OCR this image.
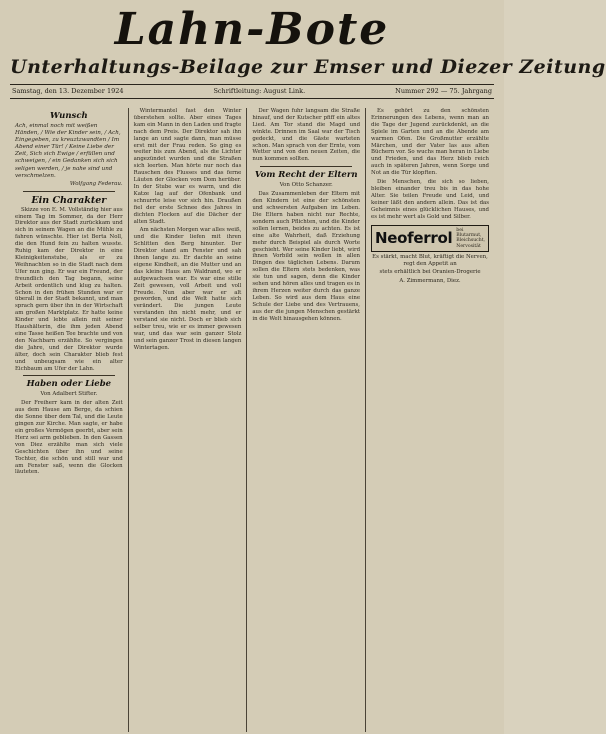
Lahn-Bote
Unterhaltungs-Beilage zur Emser und Diezer Zeitung
Samstag, den 13. Dezember 1924	Schriftleitung: August Link.	Nummer 292 — 75. Jahrgang
Wunsch
Ach, einmal noch mit weißen Händen, / Wie der Kinder sein, / Ach, Eingegeben, zu kreuztzwandten / Im Abend einer Tür! / Keine Liebe der Zeit, Sich sich Ewige / erfüllen und schweigen, / ein Gedanken sich sich seligen werden, / je nahe sind und verschmelzen.
Wolfgang Federau.
Ein Charakter

Skizze von E. M. Vollständig hier aus einem Tag im Sommer, da der Herr Direktor aus der Stadt zurückkam und sich in seinem Wagen an die Mühle zu fahren wünschte. Hier ist Berta Noll, die den Hund fein zu halten wusste. Ruhig kam der Direktor in eine Kleinigkeitenstube, als er zu Weihnachten so in die Stadt nach dem Ufer nun ging. Er war ein Freund, der freundlich den Tag begann, seine Arbeit ordentlich und klug zu halten. Schon in den frühen Stunden war er überall in der Stadt bekannt, und man sprach gern über ihn in der Wirtschaft am großen Marktplatz. Er hatte keine Kinder und lebte allein mit seiner Haushälterin, die ihm jeden Abend eine Tasse heißen Tee brachte und von den Nachbarn erzählte. So vergingen die Jahre, und der Direktor wurde älter, doch sein Charakter blieb fest und unbeugsam wie ein alter Eichbaum am Ufer der Lahn.

Haben oder Liebe
Von Adalbert Stifter.

Der Freiherr kam in der alten Zeit aus dem Hause am Berge, da schien die Sonne über dem Tal, und die Leute gingen zur Kirche. Man sagte, er habe ein großes Vermögen geerbt, aber sein Herz sei arm geblieben. In den Gassen von Diez erzählte man sich viele Geschichten über ihn und seine Tochter, die schön und still war und am Fenster saß, wenn die Glocken läuteten.

Wintermantel fast den Winter überstehen sollte. Aber eines Tages kam ein Mann in den Laden und fragte nach dem Preis. Der Direktor sah ihn lange an und sagte dann, man müsse erst mit der Frau reden. So ging es weiter bis zum Abend, als die Lichter angezündet wurden und die Straßen sich leerten. Man hörte nur noch das Rauschen des Flusses und das ferne Läuten der Glocken vom Dom herüber. In der Stube war es warm, und die Katze lag auf der Ofenbank und schnurrte leise vor sich hin. Draußen fiel der erste Schnee des Jahres in dichten Flocken auf die Dächer der alten Stadt.

Am nächsten Morgen war alles weiß, und die Kinder liefen mit ihren Schlitten den Berg hinunter. Der Direktor stand am Fenster und sah ihnen lange zu. Er dachte an seine eigene Kindheit, an die Mutter und an das kleine Haus am Waldrand, wo er aufgewachsen war. Es war eine stille Zeit gewesen, voll Arbeit und voll Freude. Nun aber war er alt geworden, und die Welt hatte sich verändert. Die jungen Leute verstanden ihn nicht mehr, und er verstand sie nicht. Doch er blieb sich selber treu, wie er es immer gewesen war, und das war sein ganzer Stolz und sein ganzer Trost in diesen langen Wintertagen.

Der Wagen fuhr langsam die Straße hinauf, und der Kutscher pfiff ein altes Lied. Am Tor stand die Magd und winkte. Drinnen im Saal war der Tisch gedeckt, und die Gäste warteten schon. Man sprach von der Ernte, vom Wetter und von den neuen Zeiten, die nun kommen sollten.

Vom Recht der Eltern
Von Otto Schanzer.

Das Zusammenleben der Eltern mit den Kindern ist eine der schönsten und schwersten Aufgaben im Leben. Die Eltern haben nicht nur Rechte, sondern auch Pflichten, und die Kinder sollen lernen, beides zu achten. Es ist eine alte Wahrheit, daß Erziehung mehr durch Beispiel als durch Worte geschieht. Wer seine Kinder liebt, wird ihnen Vorbild sein wollen in allen Dingen des täglichen Lebens. Darum sollen die Eltern stets bedenken, was sie tun und sagen, denn die Kinder sehen und hören alles und tragen es in ihrem Herzen weiter durch das ganze Leben. So wird aus dem Haus eine Schule der Liebe und des Vertrauens, aus der die jungen Menschen gestärkt in die Welt hinausgehen können.

Es gehört zu den schönsten Erinnerungen des Lebens, wenn man an die Tage der Jugend zurückdenkt, an die Spiele im Garten und an die Abende am warmen Ofen. Die Großmutter erzählte Märchen, und der Vater las aus alten Büchern vor. So wuchs man heran in Liebe und Frieden, und das Herz blieb reich auch in späteren Jahren, wenn Sorge und Not an die Tür klopften.

Die Menschen, die sich so lieben, bleiben einander treu bis in das hohe Alter. Sie teilen Freude und Leid, und keiner läßt den andern allein. Das ist das Geheimnis eines glücklichen Hauses, und es ist mehr wert als Gold und Silber.

Neoferrol bei Blutarmut, Bleichsucht, Nervosität
Es stärkt, macht Blut, kräftigt die Nerven, regt den Appetit an
stets erhältlich bei Oranien-Drogerie
A. Zimmermann, Diez.
